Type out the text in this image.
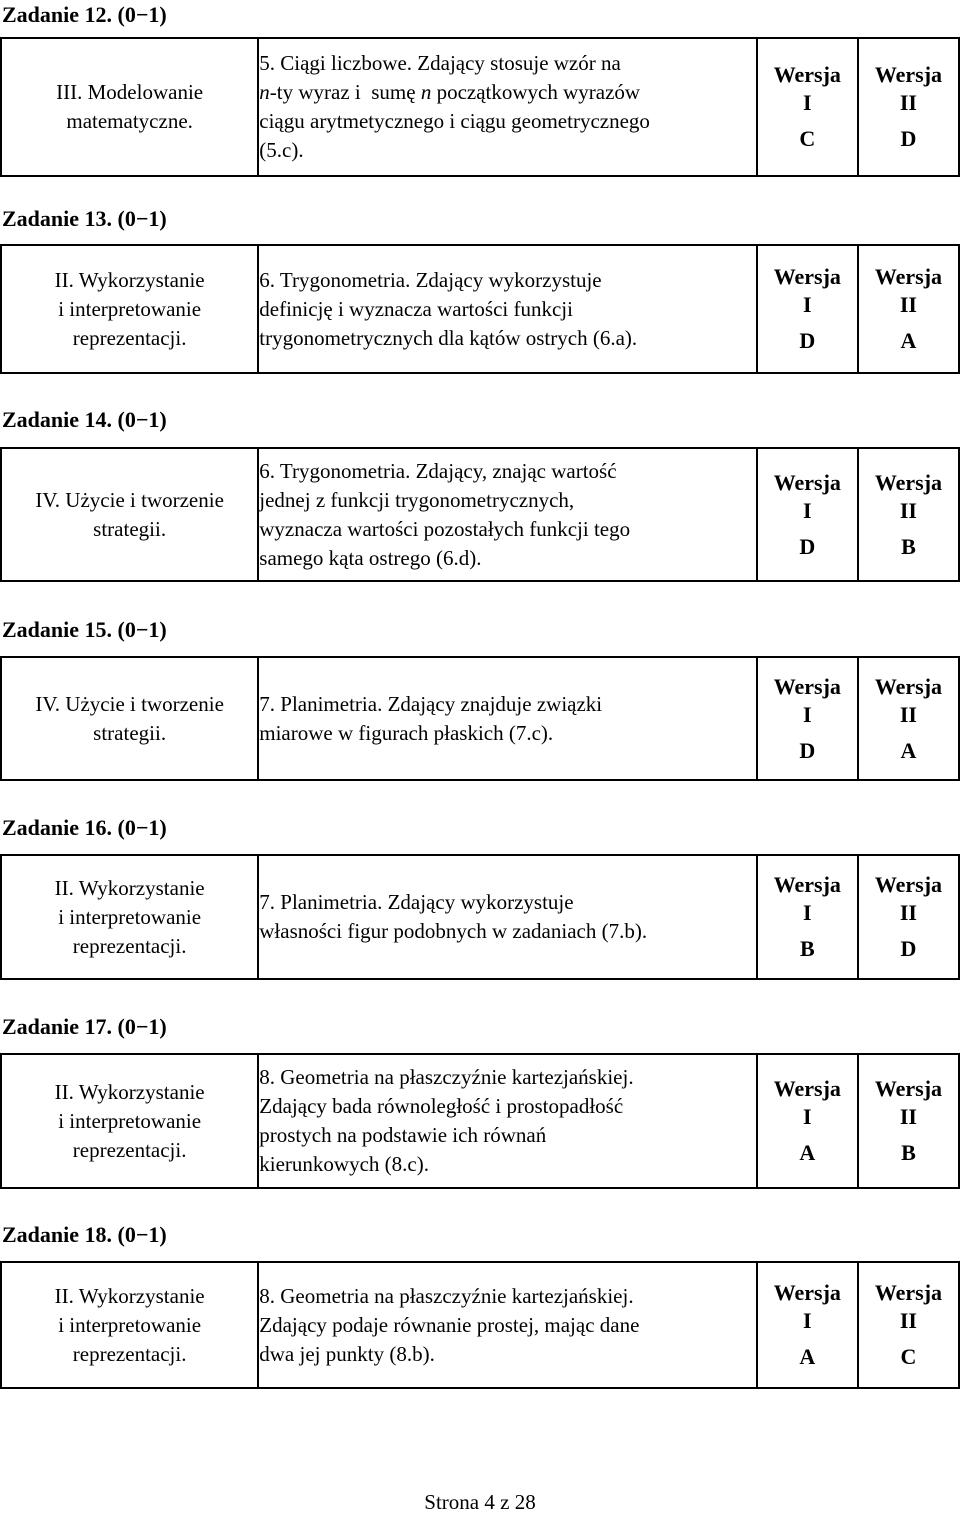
Zadanie 12. (0−1)
III. Modelowanie
matematyczne.

5. Ciągi liczbowe. Zdający stosuje wzór na
n-ty wyraz i  sumę n początkowych wyrazów
ciągu arytmetycznego i ciągu geometrycznego
(5.c).

Wersja
I
C

Wersja
II
D
Zadanie 13. (0−1)
II. Wykorzystanie
i interpretowanie
reprezentacji.

6. Trygonometria. Zdający wykorzystuje
definicję i wyznacza wartości funkcji
trygonometrycznych dla kątów ostrych (6.a).

Wersja
I
D

Wersja
II
A
Zadanie 14. (0−1)
IV. Użycie i tworzenie
strategii.

6. Trygonometria. Zdający, znając wartość
jednej z funkcji trygonometrycznych,
wyznacza wartości pozostałych funkcji tego
samego kąta ostrego (6.d).

Wersja
I
D

Wersja
II
B
Zadanie 15. (0−1)
IV. Użycie i tworzenie
strategii.

7. Planimetria. Zdający znajduje związki
miarowe w figurach płaskich (7.c).

Wersja
I
D

Wersja
II
A
Zadanie 16. (0−1)
II. Wykorzystanie
i interpretowanie
reprezentacji.

7. Planimetria. Zdający wykorzystuje
własności figur podobnych w zadaniach (7.b).

Wersja
I
B

Wersja
II
D
Zadanie 17. (0−1)
II. Wykorzystanie
i interpretowanie
reprezentacji.

8. Geometria na płaszczyźnie kartezjańskiej.
Zdający bada równoległość i prostopadłość
prostych na podstawie ich równań
kierunkowych (8.c).

Wersja
I
A

Wersja
II
B
Zadanie 18. (0−1)
II. Wykorzystanie
i interpretowanie
reprezentacji.

8. Geometria na płaszczyźnie kartezjańskiej.
Zdający podaje równanie prostej, mając dane
dwa jej punkty (8.b).

Wersja
I
A

Wersja
II
C
Strona 4 z 28
